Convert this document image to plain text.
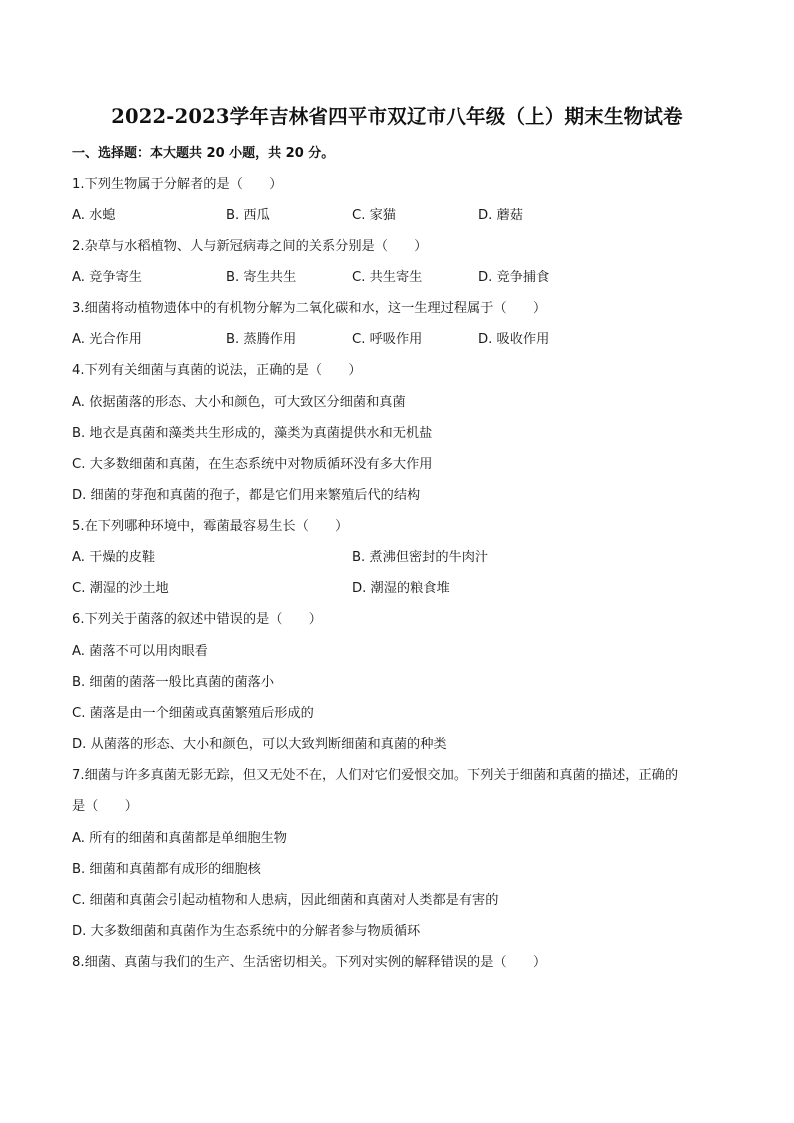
2022-2023学年吉林省四平市双辽市八年级（上）期末生物试卷
一、选择题：本大题共 20 小题，共 20 分。
1.下列生物属于分解者的是（　　）
A. 水螅	B. 西瓜	C. 家猫	D. 蘑菇
2.杂草与水稻植物、人与新冠病毒之间的关系分别是（　　）
A. 竞争寄生	B. 寄生共生	C. 共生寄生	D. 竞争捕食
3.细菌将动植物遗体中的有机物分解为二氧化碳和水，这一生理过程属于（　　）
A. 光合作用	B. 蒸腾作用	C. 呼吸作用	D. 吸收作用
4.下列有关细菌与真菌的说法，正确的是（　　）
A. 依据菌落的形态、大小和颜色，可大致区分细菌和真菌
B. 地衣是真菌和藻类共生形成的，藻类为真菌提供水和无机盐
C. 大多数细菌和真菌，在生态系统中对物质循环没有多大作用
D. 细菌的芽孢和真菌的孢子，都是它们用来繁殖后代的结构
5.在下列哪种环境中，霉菌最容易生长（　　）
A. 干燥的皮鞋	B. 煮沸但密封的牛肉汁
C. 潮湿的沙土地	D. 潮湿的粮食堆
6.下列关于菌落的叙述中错误的是（　　）
A. 菌落不可以用肉眼看
B. 细菌的菌落一般比真菌的菌落小
C. 菌落是由一个细菌或真菌繁殖后形成的
D. 从菌落的形态、大小和颜色，可以大致判断细菌和真菌的种类
7.细菌与许多真菌无影无踪，但又无处不在，人们对它们爱恨交加。下列关于细菌和真菌的描述，正确的
是（　　）
A. 所有的细菌和真菌都是单细胞生物
B. 细菌和真菌都有成形的细胞核
C. 细菌和真菌会引起动植物和人患病，因此细菌和真菌对人类都是有害的
D. 大多数细菌和真菌作为生态系统中的分解者参与物质循环
8.细菌、真菌与我们的生产、生活密切相关。下列对实例的解释错误的是（　　）
